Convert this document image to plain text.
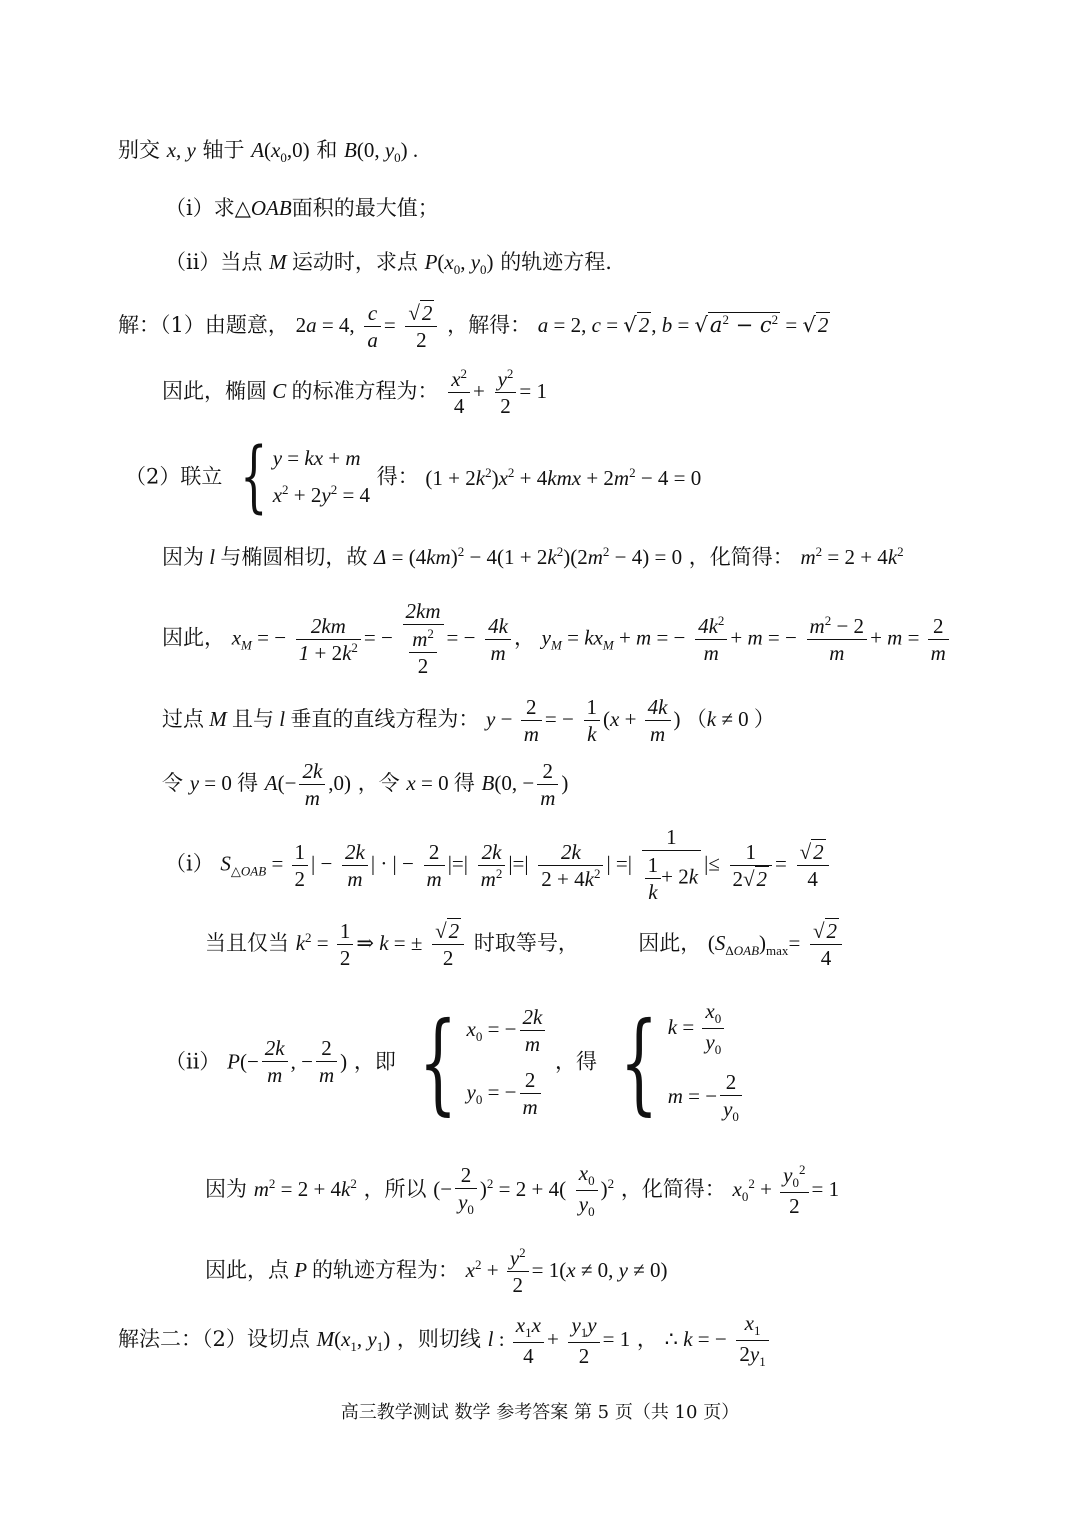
别交 x, y 轴于 $A(x_0,0)$ 和 B(0, $y_0$) .
（i）求△OAB面积的最大值；
（ii）当点 M 运动时，求点 $P(x_0$, $y_0$) 的轨迹方程.
解：（1）由题意， 2a = 4, $\frac{c}{a} = \frac{√2}{2}$ ，解得： a = 2, c = √2, $b = √a^2 - c^2 = √2$
因此，椭圆 C 的标准方程为： $\frac{x^2}{4} + \frac{y^2}{2} = 1$
（2）联立 { y = kx + m
$x^2 + 2y^2 = 4$
得： $(1 + 2k^2)x^2 + 4kmx + 2m^2 - 4 = 0$
因为 l 与椭圆相切，故 $\Delta = (4km)^2 - 4(1 + 2k^2)(2m^2 - 4) = 0$ ，化简得： $m^2 = 2 + 4k^2$
因此， $x_M$ = − $\frac{2km}{1 + 2k^2}$ = − $\frac{2km}{\frac{m^2}{2}}$ = − $\frac{4k}{m}$ ， $y_M = kx_M + m$ = − $\frac{4k^2}{m} + m$ = − $\frac{m^2 - 2}{m} + m = \frac{2}{m}$
过点 M 且与 l 垂直的直线方程为： $y - \frac{2}{m}$ = − $\frac{1}{k} (x + \frac{4k}{m}$ ) （k ≠ 0 ）
令 y = 0 得 $A(- \frac{2k}{m} ,0)$ ，令 x = 0 得 B(0, − $\frac{2}{m}$ )
（i） $S_{\triangle OAB} = \frac{1}{2}$ | − $\frac{2k}{m}$ | · | − $\frac{2}{m}$ |=| $\frac{2k}{m^2}$ |=| $\frac{2k}{2 + 4k^2}$ | =| $\frac{1}{\frac{1}{k} + 2k}$ |≤ $\frac{1}{2√2} = \frac{√2}{4}$
当且仅当 $k^2 = \frac{1}{2}$ ⇒ k = ± $\frac{√2}{2}$ 时取等号，	因此， $(S_{\Delta OAB})_{max}= \frac{√2}{4}$
（ii） $P(- \frac{2k}{m}$ , − $\frac{2}{m}$ ) ，即 { $x_0$ = − $\frac{2k}{m}$
$y_0$ = − $\frac{2}{m}$
，得 { $k = \frac{x_0}{y_0}$
m = − $\frac{2}{y_0}$
因为 $m^2 = 2 + 4k^2$ ，所以 (− $\frac{2}{y_0} )^2 = 2 + 4( \frac{x_0}{y_0} )^2$ ，化简得： $x_0^2 + \frac{y_0^2}{2} = 1$
因此，点 P 的轨迹方程为： $x^2 + \frac{y^2}{2} = 1(x \ne 0$, y ≠ 0)
解法二：（2）设切点 $M(x_1$, $y_1$) ，则切线 l : $\frac{x_1x}{4} + \frac{y_1y}{2} = 1$ ， ∴ k = − $\frac{x_1}{2y_1}$
高三教学测试 数学 参考答案 第 5 页（共 10 页）
